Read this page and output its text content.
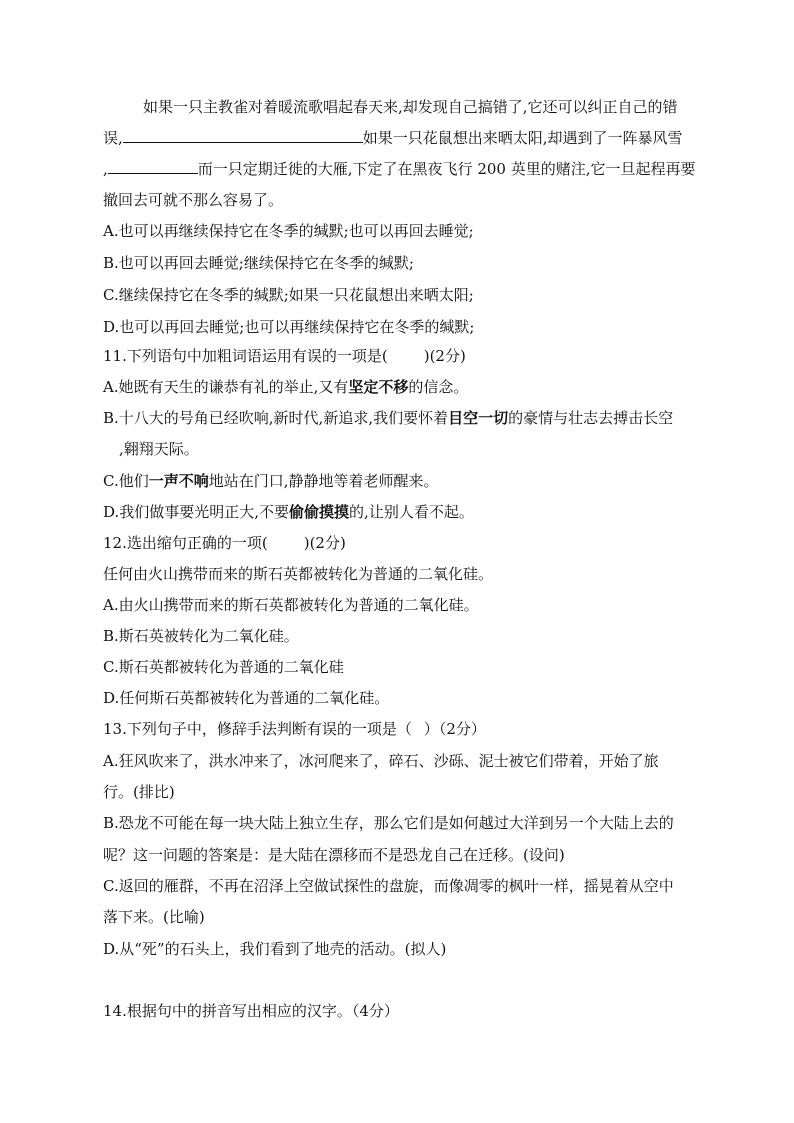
如果一只主教雀对着暖流歌唱起春天来,却发现自己搞错了,它还可以纠正自己的错
误,	如果一只花鼠想出来晒太阳,却遇到了一阵暴风雪
,	而一只定期迁徙的大雁,下定了在黑夜飞行 200 英里的赌注,它一旦起程再要
撤回去可就不那么容易了。
A.也可以再继续保持它在冬季的缄默;也可以再回去睡觉;
B.也可以再回去睡觉;继续保持它在冬季的缄默;
C.继续保持它在冬季的缄默;如果一只花鼠想出来晒太阳;
D.也可以再回去睡觉;也可以再继续保持它在冬季的缄默;
11.下列语句中加粗词语运用有误的一项是( )(2分)
A.她既有天生的谦恭有礼的举止,又有坚定不移的信念。
B.十八大的号角已经吹响,新时代,新追求,我们要怀着目空一切的豪情与壮志去搏击长空
,翱翔天际。
C.他们一声不响地站在门口,静静地等着老师醒来。
D.我们做事要光明正大,不要偷偷摸摸的,让别人看不起。
12.选出缩句正确的一项( )(2分)
任何由火山携带而来的斯石英都被转化为普通的二氧化硅。
A.由火山携带而来的斯石英都被转化为普通的二氧化硅。
B.斯石英被转化为二氧化硅。
C.斯石英都被转化为普通的二氧化硅
D.任何斯石英都被转化为普通的二氧化硅。
13.下列句子中，修辞手法判断有误的一项是（ ）（2分）
A.狂风吹来了，洪水冲来了，冰河爬来了，碎石、沙砾、泥士被它们带着，开始了旅
行。(排比)
B.恐龙不可能在每一块大陆上独立生存，那么它们是如何越过大洋到另一个大陆上去的
呢？这一问题的答案是：是大陆在漂移而不是恐龙自己在迁移。(设问)
C.返回的雁群，不再在沼泽上空做试探性的盘旋，而像凋零的枫叶一样，摇晃着从空中
落下来。(比喻)
D.从“死”的石头上，我们看到了地壳的活动。(拟人)
14.根据句中的拼音写出相应的汉字。（4分）
